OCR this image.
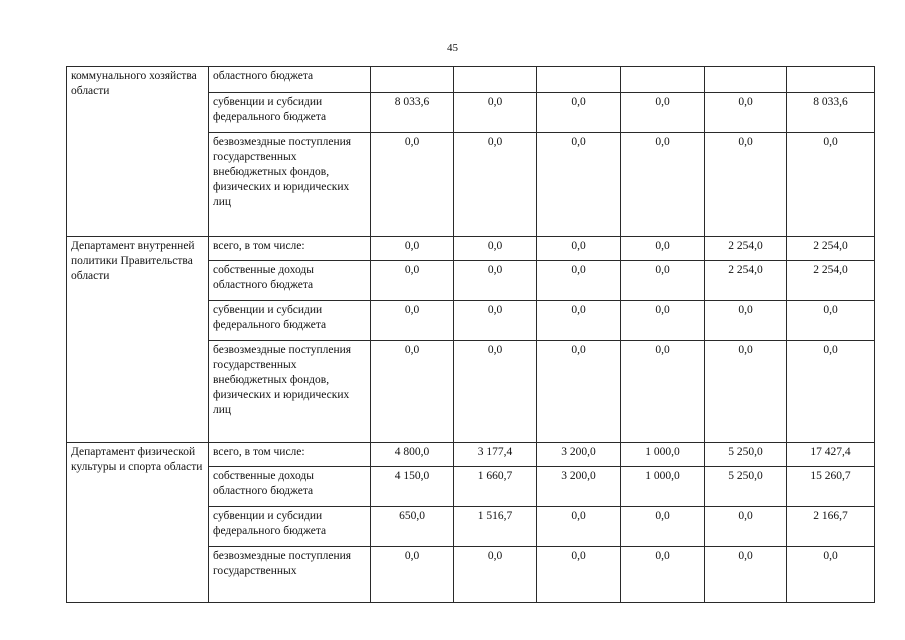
45
коммунального хозяйства области	областного бюджета						
	субвенции и субсидии федерального бюджета	8 033,6	0,0	0,0	0,0	0,0	8 033,6
	безвозмездные поступления государственных внебюджетных фондов, физических и юридических лиц	0,0	0,0	0,0	0,0	0,0	0,0
Департамент внутренней политики Правительства области	всего, в том числе:	0,0	0,0	0,0	0,0	2 254,0	2 254,0
	собственные доходы областного бюджета	0,0	0,0	0,0	0,0	2 254,0	2 254,0
	субвенции и субсидии федерального бюджета	0,0	0,0	0,0	0,0	0,0	0,0
	безвозмездные поступления государственных внебюджетных фондов, физических и юридических лиц	0,0	0,0	0,0	0,0	0,0	0,0
Департамент физической культуры и спорта области	всего, в том числе:	4 800,0	3 177,4	3 200,0	1 000,0	5 250,0	17 427,4
	собственные доходы областного бюджета	4 150,0	1 660,7	3 200,0	1 000,0	5 250,0	15 260,7
	субвенции и субсидии федерального бюджета	650,0	1 516,7	0,0	0,0	0,0	2 166,7
	безвозмездные поступления государственных	0,0	0,0	0,0	0,0	0,0	0,0
